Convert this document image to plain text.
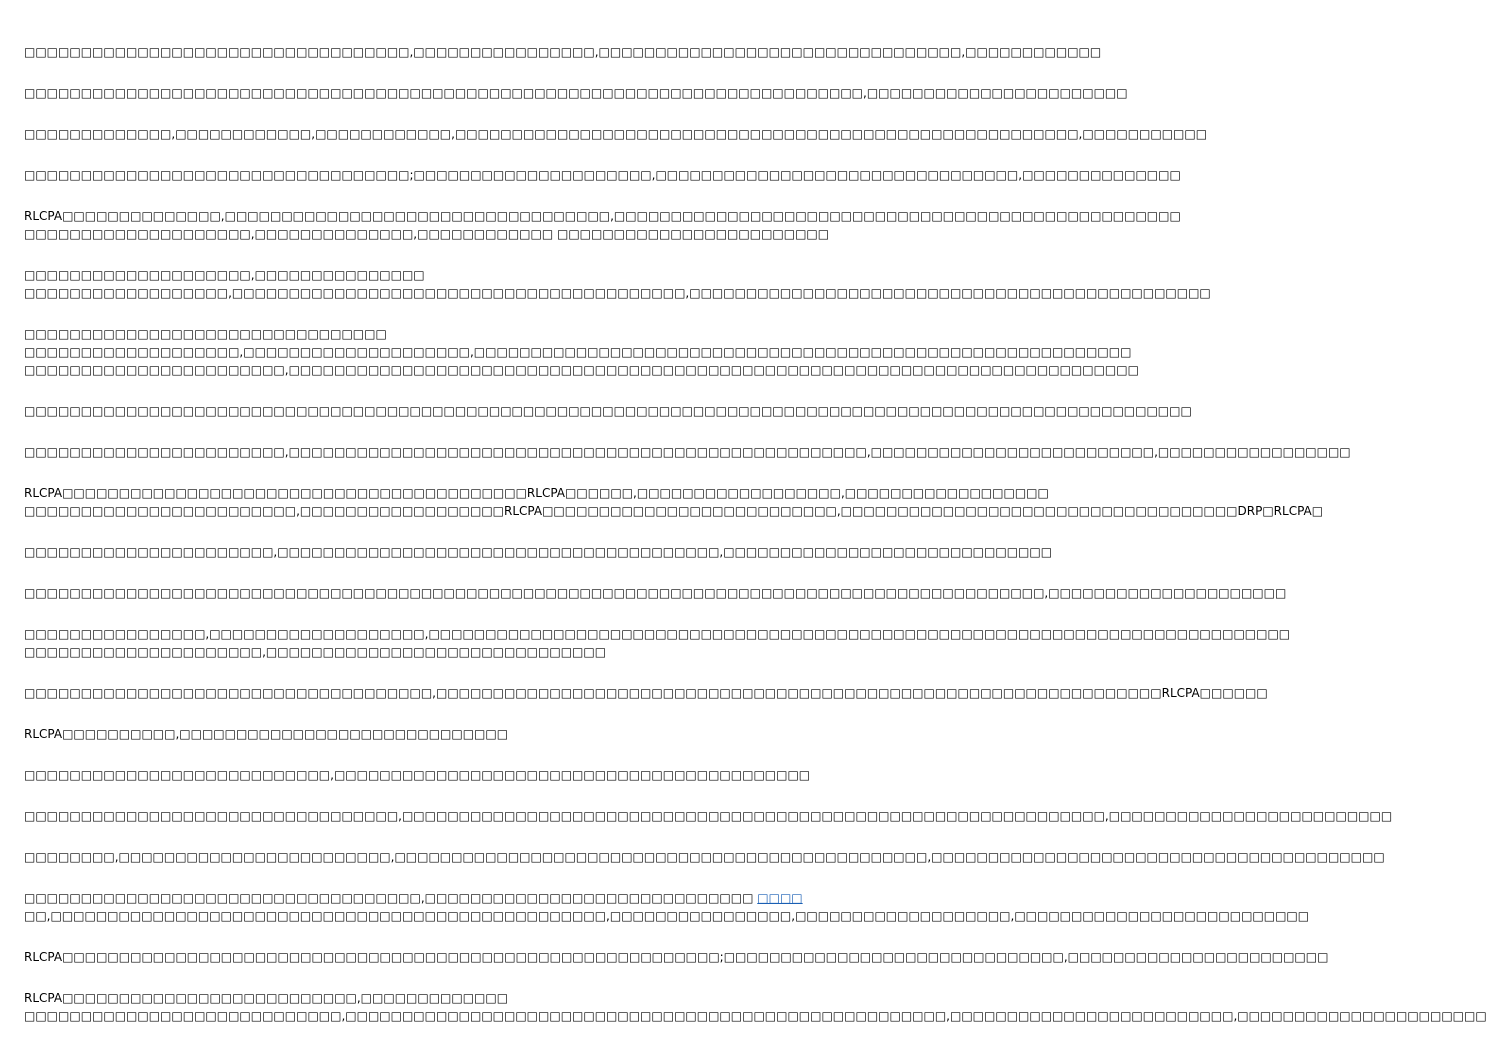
□□□□□□□□□□□□□□□□□□□□□□□□□□□□□□□□□□,□□□□□□□□□□□□□□□□,□□□□□□□□□□□□□□□□□□□□□□□□□□□□□□□□,□□□□□□□□□□□□

□□□□□□□□□□□□□□□□□□□□□□□□□□□□□□□□□□□□□□□□□□□□□□□□□□□□□□□□□□□□□□□□□□□□□□□□□□,□□□□□□□□□□□□□□□□□□□□□□□

□□□□□□□□□□□□□,□□□□□□□□□□□□,□□□□□□□□□□□□,□□□□□□□□□□□□□□□□□□□□□□□□□□□□□□□□□□□□□□□□□□□□□□□□□□□□□□□,□□□□□□□□□□□

□□□□□□□□□□□□□□□□□□□□□□□□□□□□□□□□□□;□□□□□□□□□□□□□□□□□□□□□,□□□□□□□□□□□□□□□□□□□□□□□□□□□□□□□□,□□□□□□□□□□□□□□

RLCPA□□□□□□□□□□□□□□,□□□□□□□□□□□□□□□□□□□□□□□□□□□□□□□□□□,□□□□□□□□□□□□□□□□□□□□□□□□□□□□□□□□□□□□□□□□□□□□□□□□□□
□□□□□□□□□□□□□□□□□□□□,□□□□□□□□□□□□□□,□□□□□□□□□□□□ □□□□□□□□□□□□□□□□□□□□□□□□

□□□□□□□□□□□□□□□□□□□□,□□□□□□□□□□□□□□□
□□□□□□□□□□□□□□□□□□,□□□□□□□□□□□□□□□□□□□□□□□□□□□□□□□□□□□□□□□□,□□□□□□□□□□□□□□□□□□□□□□□□□□□□□□□□□□□□□□□□□□□□□□

□□□□□□□□□□□□□□□□□□□□□□□□□□□□□□□□
□□□□□□□□□□□□□□□□□□□,□□□□□□□□□□□□□□□□□□□□,□□□□□□□□□□□□□□□□□□□□□□□□□□□□□□□□□□□□□□□□□□□□□□□□□□□□□□□□□□
□□□□□□□□□□□□□□□□□□□□□□□,□□□□□□□□□□□□□□□□□□□□□□□□□□□□□□□□□□□□□□□□□□□□□□□□□□□□□□□□□□□□□□□□□□□□□□□□□□□

□□□□□□□□□□□□□□□□□□□□□□□□□□□□□□□□□□□□□□□□□□□□□□□□□□□□□□□□□□□□□□□□□□□□□□□□□□□□□□□□□□□□□□□□□□□□□□□□□□□□□□□

□□□□□□□□□□□□□□□□□□□□□□□,□□□□□□□□□□□□□□□□□□□□□□□□□□□□□□□□□□□□□□□□□□□□□□□□□□□,□□□□□□□□□□□□□□□□□□□□□□□□□,□□□□□□□□□□□□□□□□□

RLCPA□□□□□□□□□□□□□□□□□□□□□□□□□□□□□□□□□□□□□□□□□RLCPA□□□□□□,□□□□□□□□□□□□□□□□□□,□□□□□□□□□□□□□□□□□□
□□□□□□□□□□□□□□□□□□□□□□□□,□□□□□□□□□□□□□□□□□□RLCPA□□□□□□□□□□□□□□□□□□□□□□□□□□,□□□□□□□□□□□□□□□□□□□□□□□□□□□□□□□□□□□DRP□RLCPA□

□□□□□□□□□□□□□□□□□□□□□□,□□□□□□□□□□□□□□□□□□□□□□□□□□□□□□□□□□□□□□□,□□□□□□□□□□□□□□□□□□□□□□□□□□□□□

□□□□□□□□□□□□□□□□□□□□□□□□□□□□□□□□□□□□□□□□□□□□□□□□□□□□□□□□□□□□□□□□□□□□□□□□□□□□□□□□□□□□□□□□□□,□□□□□□□□□□□□□□□□□□□□□

□□□□□□□□□□□□□□□□,□□□□□□□□□□□□□□□□□□□,□□□□□□□□□□□□□□□□□□□□□□□□□□□□□□□□□□□□□□□□□□□□□□□□□□□□□□□□□□□□□□□□□□□□□□□□□□□□
□□□□□□□□□□□□□□□□□□□□□,□□□□□□□□□□□□□□□□□□□□□□□□□□□□□□

□□□□□□□□□□□□□□□□□□□□□□□□□□□□□□□□□□□□,□□□□□□□□□□□□□□□□□□□□□□□□□□□□□□□□□□□□□□□□□□□□□□□□□□□□□□□□□□□□□□□□RLCPA□□□□□□

RLCPA□□□□□□□□□□,□□□□□□□□□□□□□□□□□□□□□□□□□□□□□

□□□□□□□□□□□□□□□□□□□□□□□□□□□,□□□□□□□□□□□□□□□□□□□□□□□□□□□□□□□□□□□□□□□□□□

□□□□□□□□□□□□□□□□□□□□□□□□□□□□□□□□□,□□□□□□□□□□□□□□□□□□□□□□□□□□□□□□□□□□□□□□□□□□□□□□□□□□□□□□□□□□□□□□,□□□□□□□□□□□□□□□□□□□□□□□□□

□□□□□□□□,□□□□□□□□□□□□□□□□□□□□□□□□,□□□□□□□□□□□□□□□□□□□□□□□□□□□□□□□□□□□□□□□□□□□□□□□,□□□□□□□□□□□□□□□□□□□□□□□□□□□□□□□□□□□□□□□□

□□□□□□□□□□□□□□□□□□□□□□□□□□□□□□□□□□□,□□□□□□□□□□□□□□□□□□□□□□□□□□□□□ □□□□
□□,□□□□□□□□□□□□□□□□□□□□□□□□□□□□□□□□□□□□□□□□□□□□□□□□□,□□□□□□□□□□□□□□□□,□□□□□□□□□□□□□□□□□□□,□□□□□□□□□□□□□□□□□□□□□□□□□□

RLCPA□□□□□□□□□□□□□□□□□□□□□□□□□□□□□□□□□□□□□□□□□□□□□□□□□□□□□□□□□□;□□□□□□□□□□□□□□□□□□□□□□□□□□□□□□,□□□□□□□□□□□□□□□□□□□□□□□

RLCPA□□□□□□□□□□□□□□□□□□□□□□□□□□,□□□□□□□□□□□□□
□□□□□□□□□□□□□□□□□□□□□□□□□□□□,□□□□□□□□□□□□□□□□□□□□□□□□□□□□□□□□□□□□□□□□□□□□□□□□□□□□□,□□□□□□□□□□□□□□□□□□□□□□□□□,□□□□□□□□□□□□□□□□□□□□□□
